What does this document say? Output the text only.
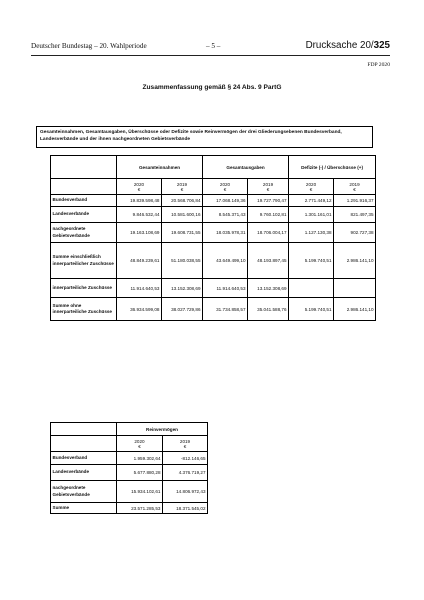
Deutscher Bundestag – 20. Wahlperiode	– 5 –	Drucksache 20/325
FDP 2020
Zusammenfassung gemäß § 24 Abs. 9 PartG
Gesamteinnahmen, Gesamtausgaben, Überschüsse oder Defizite sowie Reinvermögen der drei Gliederungsebenen Bundesverband, Landesverbände und der ihnen nachgeordneten Gebietsverbände
	Gesamteinnahmen		Gesamtausgaben		Defizite (-) / Überschüsse (+)	
	2020
€	2019
€	2020
€	2019
€	2020
€	2019
€
Bundesverband	19.839.598,48	20.568.706,84	17.068.149,36	19.727.790,47	2.771.449,12	1.291.916,37
Landesverbände	9.846.532,44	10.581.600,16	8.545.371,43	9.760.102,81	1.301.161,01	821.497,35
nachgeordnete Gebietsverbände	19.163.108,69	19.608.731,55	18.035.978,31	18.706.004,17	1.127.130,38	902.727,38
Summe einschließlich innerparteilicher Zuschüsse	48.849.239,61	51.180.038,55	43.649.499,10	48.193.897,45	5.199.740,51	2.986.141,10
innerparteiliche Zuschüsse	11.914.640,53	13.152.308,69	11.914.640,53	13.152.308,69		
Summe ohne innerparteiliche Zuschüsse	36.934.599,08	38.027.729,86	31.734.858,57	35.041.588,76	5.199.740,51	2.986.141,10
	Reinvermögen	
	2020
€	2019
€
Bundesverband	1.959.302,64	-812.146,65
Landesverbände	5.677.880,28	4.376.719,27
nachgeordnete Gebietsverbände	15.934.102,61	14.806.972,43
Summe	23.571.285,53	18.371.545,02
